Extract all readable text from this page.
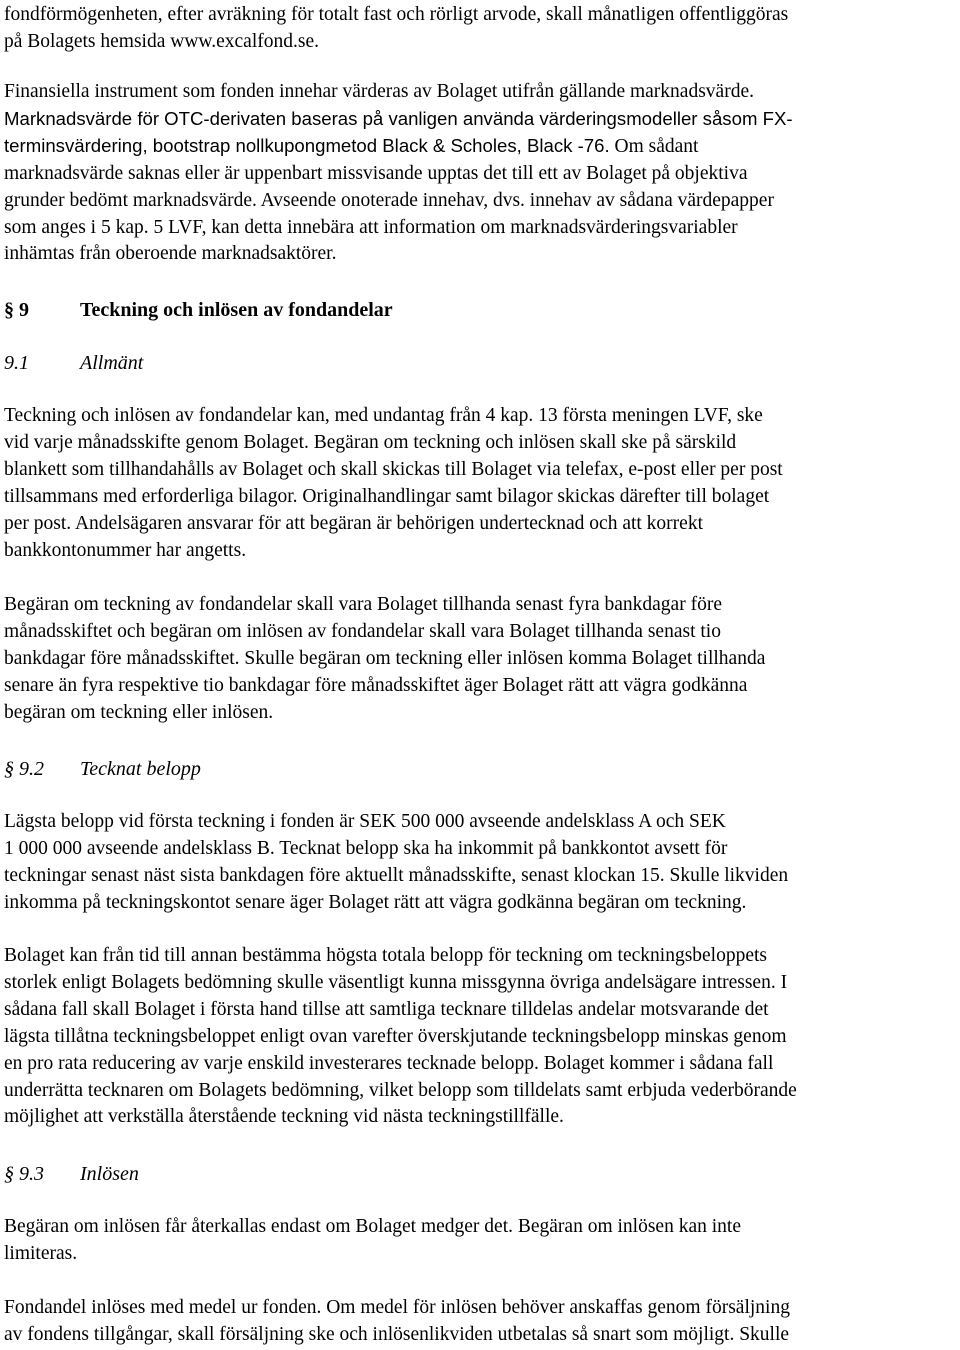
fondförmögenheten, efter avräkning för totalt fast och rörligt arvode, skall månatligen offentliggöras
på Bolagets hemsida www.excalfond.se.
Finansiella instrument som fonden innehar värderas av Bolaget utifrån gällande marknadsvärde.
Marknadsvärde för OTC-derivaten baseras på vanligen använda värderingsmodeller såsom FX-
terminsvärdering, bootstrap nollkupongmetod Black & Scholes, Black -76. Om sådant
marknadsvärde saknas eller är uppenbart missvisande upptas det till ett av Bolaget på objektiva
grunder bedömt marknadsvärde. Avseende onoterade innehav, dvs. innehav av sådana värdepapper
som anges i 5 kap. 5 LVF, kan detta innebära att information om marknadsvärderingsvariabler
inhämtas från oberoende marknadsaktörer.
§ 9	Teckning och inlösen av fondandelar
9.1	Allmänt
Teckning och inlösen av fondandelar kan, med undantag från 4 kap. 13 första meningen LVF, ske
vid varje månadsskifte genom Bolaget. Begäran om teckning och inlösen skall ske på särskild
blankett som tillhandahålls av Bolaget och skall skickas till Bolaget via telefax, e-post eller per post
tillsammans med erforderliga bilagor. Originalhandlingar samt bilagor skickas därefter till bolaget
per post. Andelsägaren ansvarar för att begäran är behörigen undertecknad och att korrekt
bankkontonummer har angetts.
Begäran om teckning av fondandelar skall vara Bolaget tillhanda senast fyra bankdagar före
månadsskiftet och begäran om inlösen av fondandelar skall vara Bolaget tillhanda senast tio
bankdagar före månadsskiftet. Skulle begäran om teckning eller inlösen komma Bolaget tillhanda
senare än fyra respektive tio bankdagar före månadsskiftet äger Bolaget rätt att vägra godkänna
begäran om teckning eller inlösen.
§ 9.2 Tecknat belopp
Lägsta belopp vid första teckning i fonden är SEK 500 000 avseende andelsklass A och SEK
1 000 000 avseende andelsklass B. Tecknat belopp ska ha inkommit på bankkontot avsett för
teckningar senast näst sista bankdagen före aktuellt månadsskifte, senast klockan 15. Skulle likviden
inkomma på teckningskontot senare äger Bolaget rätt att vägra godkänna begäran om teckning.
Bolaget kan från tid till annan bestämma högsta totala belopp för teckning om teckningsbeloppets
storlek enligt Bolagets bedömning skulle väsentligt kunna missgynna övriga andelsägare intressen. I
sådana fall skall Bolaget i första hand tillse att samtliga tecknare tilldelas andelar motsvarande det
lägsta tillåtna teckningsbeloppet enligt ovan varefter överskjutande teckningsbelopp minskas genom
en pro rata reducering av varje enskild investerares tecknade belopp. Bolaget kommer i sådana fall
underrätta tecknaren om Bolagets bedömning, vilket belopp som tilldelats samt erbjuda vederbörande
möjlighet att verkställa återstående teckning vid nästa teckningstillfälle.
§ 9.3 Inlösen
Begäran om inlösen får återkallas endast om Bolaget medger det. Begäran om inlösen kan inte
limiteras.
Fondandel inlöses med medel ur fonden. Om medel för inlösen behöver anskaffas genom försäljning
av fondens tillgångar, skall försäljning ske och inlösenlikviden utbetalas så snart som möjligt. Skulle
